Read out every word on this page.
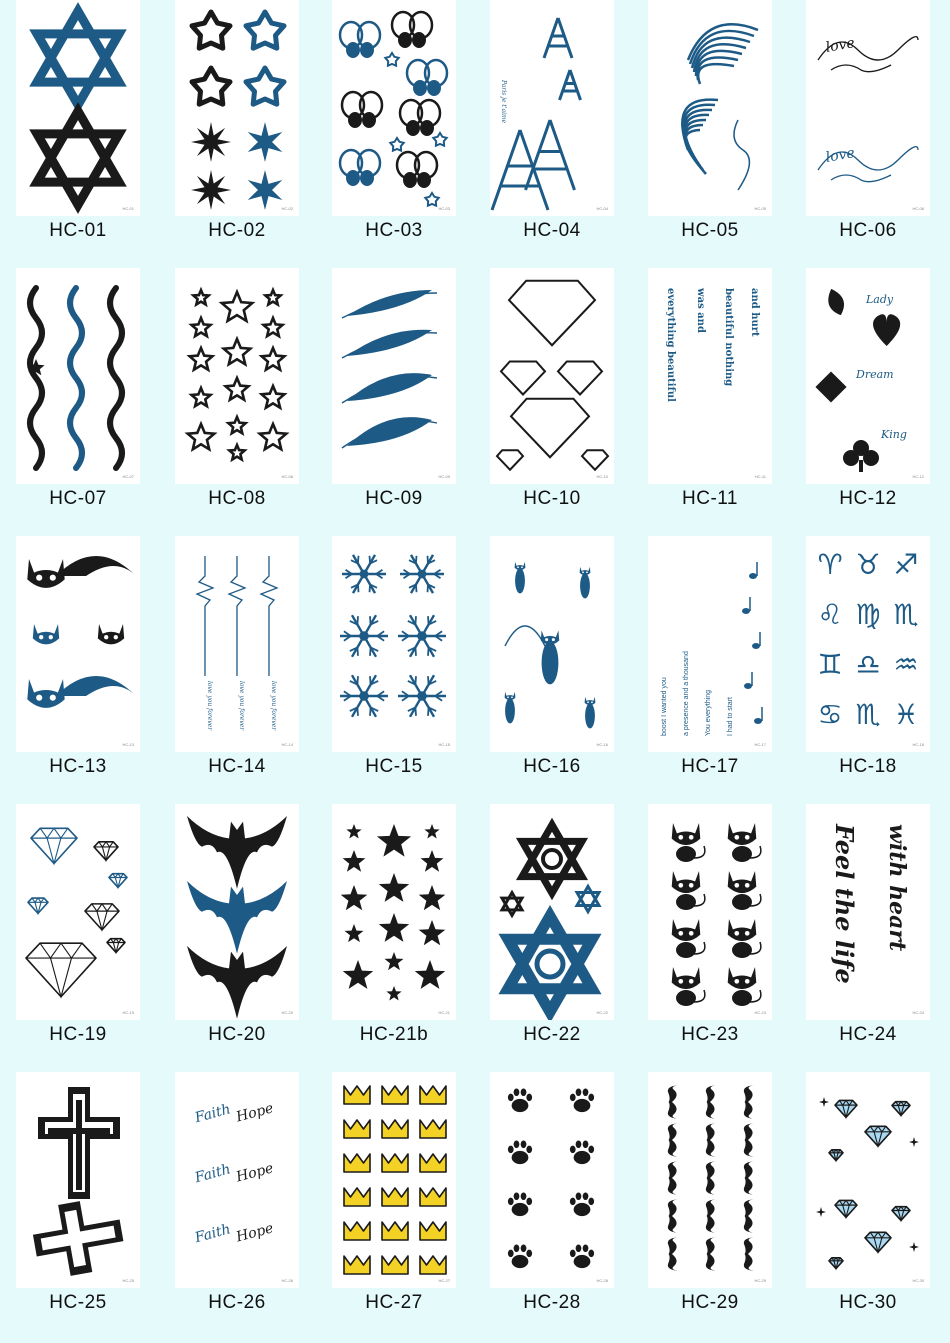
HC-01
HC-01
HC-02
HC-02
HC-03
HC-03
Paris je t'aime
HC-04
HC-04
HC-05
HC-05
love
love
HC-06
HC-06
HC-07
HC-07
HC-08
HC-08
HC-09
HC-09
HC-10
HC-10
everything beautiful was and beautiful nothing and hurt
HC-11
HC-11
Lady
Dream
King
HC-12
HC-12
HC-13
HC-13
love you forever	love you forever	love you forever
HC-14
HC-14
HC-15
HC-15
HC-16
HC-16
boost I wanted you a presence and a thousand You everything I had to start
HC-17
HC-17
♈ ♉ ♐
♌ ♍ ♏
♊ ♎ ♒
♋ ♏ ♓
HC-18
HC-18
HC-19
HC-19
HC-20
HC-20
HC-21
HC-21b
HC-22
HC-22
HC-23
HC-23
Feel the life with heart
HC-24
HC-24
HC-25
HC-25
Faith Hope
Faith Hope
Faith Hope
HC-26
HC-26
HC-27
HC-27
HC-28
HC-28
HC-29
HC-29
HC-30
HC-30
